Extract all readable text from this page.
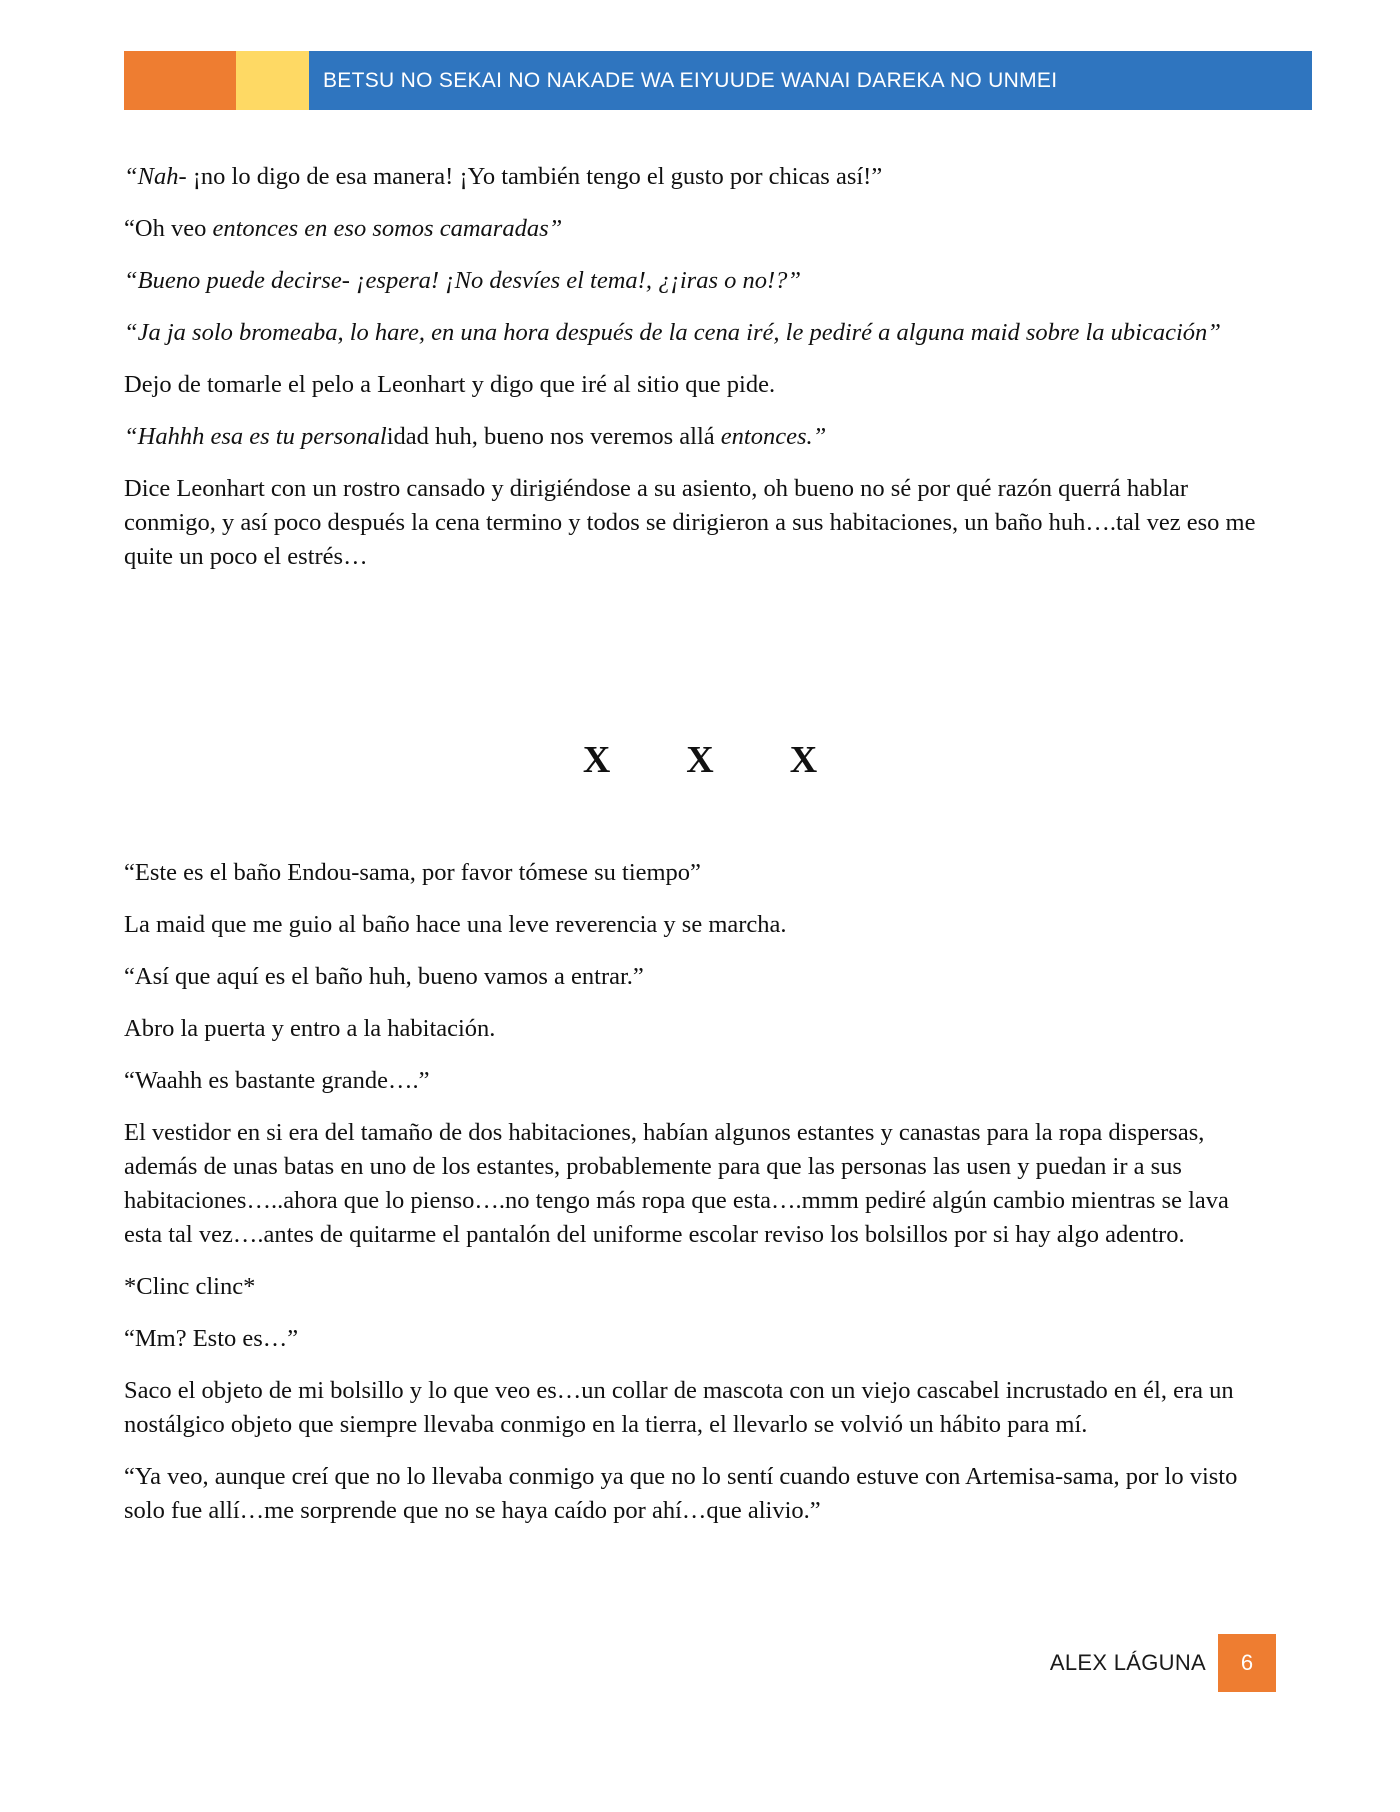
BETSU NO SEKAI NO NAKADE WA EIYUUDE WANAI DAREKA NO UNMEI

“Nah- ¡no lo digo de esa manera! ¡Yo también tengo el gusto por chicas así!”

“Oh veo entonces en eso somos camaradas”

“Bueno puede decirse- ¡espera! ¡No desvíes el tema!, ¿¡iras o no!?”

“Ja ja solo bromeaba, lo hare, en una hora después de la cena iré, le pediré a alguna maid sobre la ubicación”

Dejo de tomarle el pelo a Leonhart y digo que iré al sitio que pide.

“Hahhh esa es tu personalidad huh, bueno nos veremos allá entonces.”

Dice Leonhart con un rostro cansado y dirigiéndose a su asiento, oh bueno no sé por qué razón querrá hablar conmigo, y así poco después la cena termino y todos se dirigieron a sus habitaciones, un baño huh….tal vez eso me quite un poco el estrés…

X X X

“Este es el baño Endou-sama, por favor tómese su tiempo”

La maid que me guio al baño hace una leve reverencia y se marcha.

“Así que aquí es el baño huh, bueno vamos a entrar.”

Abro la puerta y entro a la habitación.

“Waahh es bastante grande….”

El vestidor en si era del tamaño de dos habitaciones, habían algunos estantes y canastas para la ropa dispersas, además de unas batas en uno de los estantes, probablemente para que las personas las usen y puedan ir a sus habitaciones…..ahora que lo pienso….no tengo más ropa que esta….mmm pediré algún cambio mientras se lava esta tal vez….antes de quitarme el pantalón del uniforme escolar reviso los bolsillos por si hay algo adentro.

*Clinc clinc*

“Mm? Esto es…”

Saco el objeto de mi bolsillo y lo que veo es…un collar de mascota con un viejo cascabel incrustado en él, era un nostálgico objeto que siempre llevaba conmigo en la tierra, el llevarlo se volvió un hábito para mí.

“Ya veo, aunque creí que no lo llevaba conmigo ya que no lo sentí cuando estuve con Artemisa-sama, por lo visto solo fue allí…me sorprende que no se haya caído por ahí…que alivio.”

ALEX LÁGUNA	6
